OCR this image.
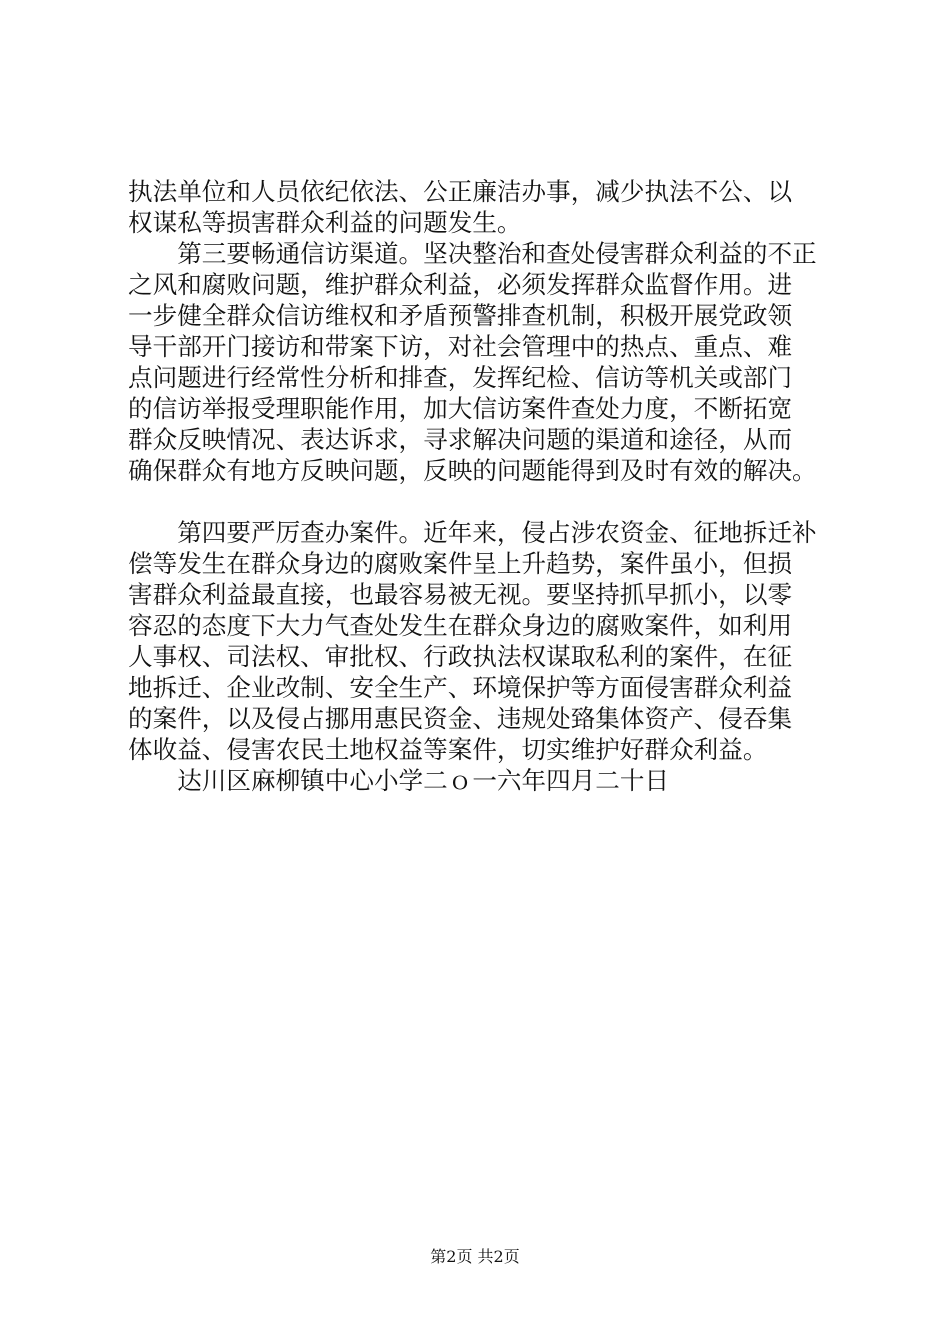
执法单位和人员依纪依法、公正廉洁办事，减少执法不公、以
权谋私等损害群众利益的问题发生。
　　第三要畅通信访渠道。坚决整治和查处侵害群众利益的不正
之风和腐败问题，维护群众利益，必须发挥群众监督作用。进
一步健全群众信访维权和矛盾预警排查机制，积极开展党政领
导干部开门接访和带案下访，对社会管理中的热点、重点、难
点问题进行经常性分析和排查，发挥纪检、信访等机关或部门
的信访举报受理职能作用，加大信访案件查处力度，不断拓宽
群众反映情况、表达诉求，寻求解决问题的渠道和途径，从而
确保群众有地方反映问题，反映的问题能得到及时有效的解决。
　　第四要严厉查办案件。近年来，侵占涉农资金、征地拆迁补
偿等发生在群众身边的腐败案件呈上升趋势，案件虽小，但损
害群众利益最直接，也最容易被无视。要坚持抓早抓小，以零
容忍的态度下大力气查处发生在群众身边的腐败案件，如利用
人事权、司法权、审批权、行政执法权谋取私利的案件，在征
地拆迁、企业改制、安全生产、环境保护等方面侵害群众利益
的案件，以及侵占挪用惠民资金、违规处臵集体资产、侵吞集
体收益、侵害农民土地权益等案件，切实维护好群众利益。
　　达川区麻柳镇中心小学二ｏ一六年四月二十日
第2页 共2页
